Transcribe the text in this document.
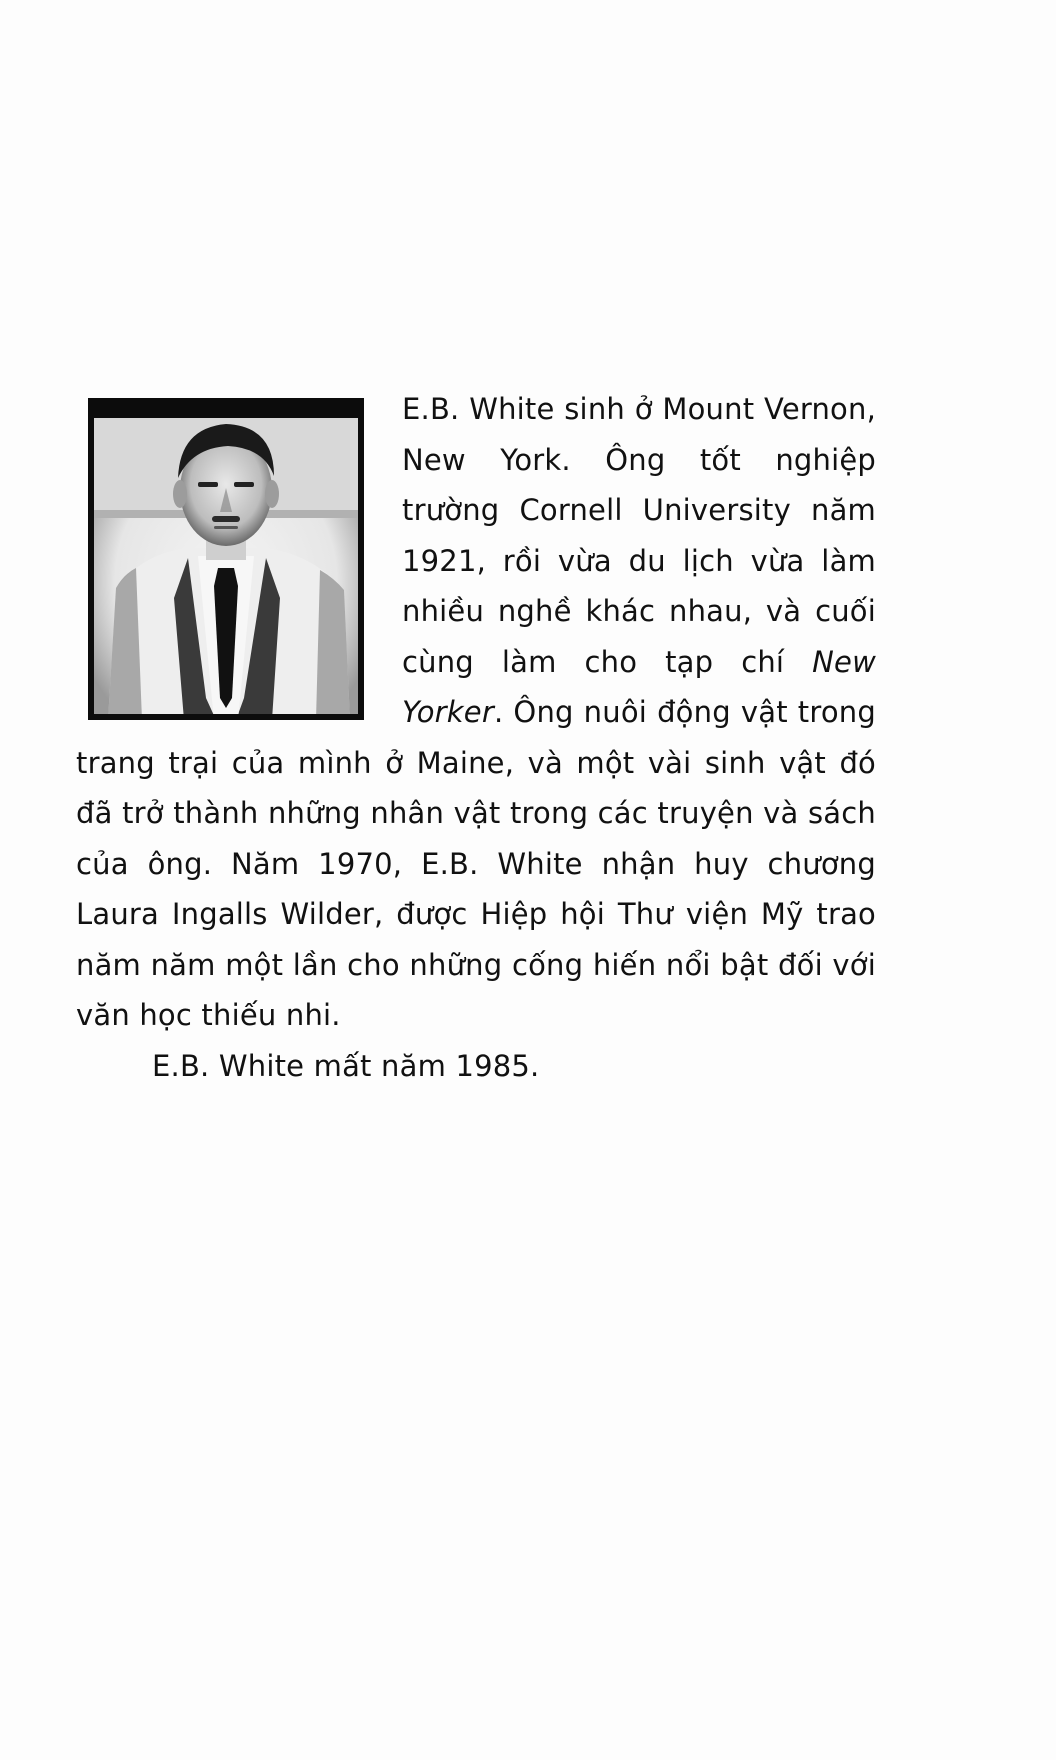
E.B. White sinh ở Mount Vernon, New York. Ông tốt nghiệp trường Cornell University năm 1921, rồi vừa du lịch vừa làm nhiều nghề khác nhau, và cuối cùng làm cho tạp chí New Yorker. Ông nuôi động vật trong trang trại của mình ở Maine, và một vài sinh vật đó đã trở thành những nhân vật trong các truyện và sách của ông. Năm 1970, E.B. White nhận huy chương Laura Ingalls Wilder, được Hiệp hội Thư viện Mỹ trao năm năm một lần cho những cống hiến nổi bật đối với văn học thiếu nhi.

E.B. White mất năm 1985.
